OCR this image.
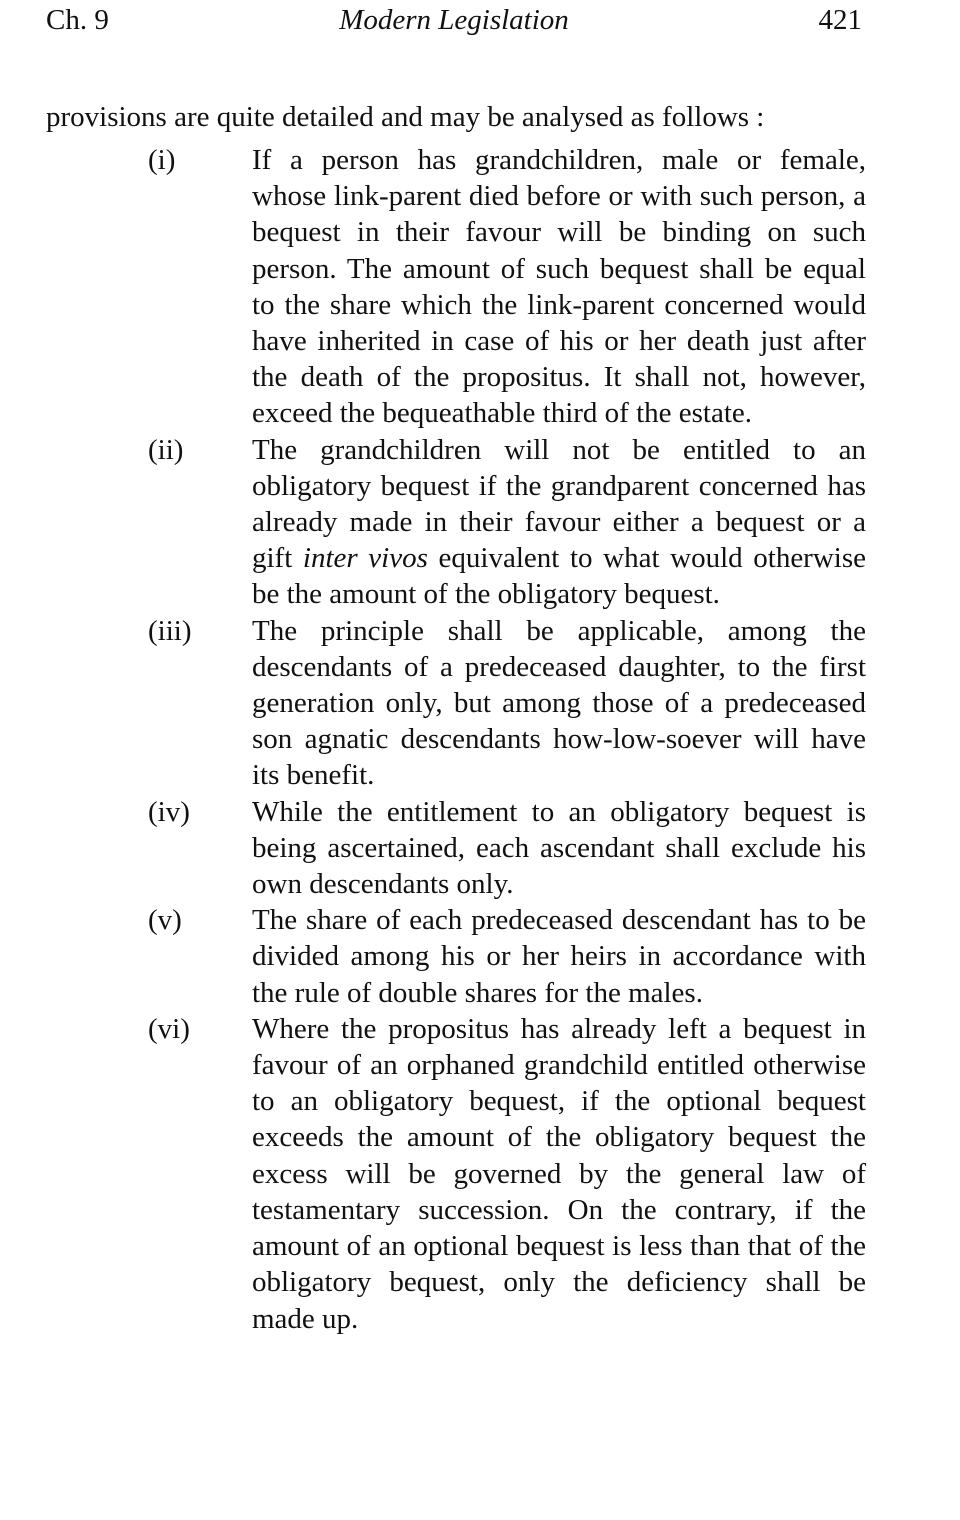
Ch. 9	Modern Legislation	421

provisions are quite detailed and may be analysed as follows :

(i)	If a person has grandchildren, male or female, whose link-parent died before or with such person, a bequest in their favour will be binding on such person. The amount of such bequest shall be equal to the share which the link-parent concerned would have inherited in case of his or her death just after the death of the propositus. It shall not, however, exceed the bequeathable third of the estate.
(ii) The grandchildren will not be entitled to an obligatory bequest if the grandparent concerned has already made in their favour either a bequest or a gift inter vivos equivalent to what would otherwise be the amount of the obligatory bequest.
(iii) The principle shall be applicable, among the descendants of a predeceased daughter, to the first generation only, but among those of a predeceased son agnatic descendants how-low-soever will have its benefit.
(iv) While the entitlement to an obligatory bequest is being ascertained, each ascendant shall exclude his own descendants only.
(v) The share of each predeceased descendant has to be divided among his or her heirs in accordance with the rule of double shares for the males.
(vi) Where the propositus has already left a bequest in favour of an orphaned grandchild entitled otherwise to an obligatory bequest, if the optional bequest exceeds the amount of the obligatory bequest the excess will be governed by the general law of testamentary succession. On the contrary, if the amount of an optional bequest is less than that of the obligatory bequest, only the deficiency shall be made up.
